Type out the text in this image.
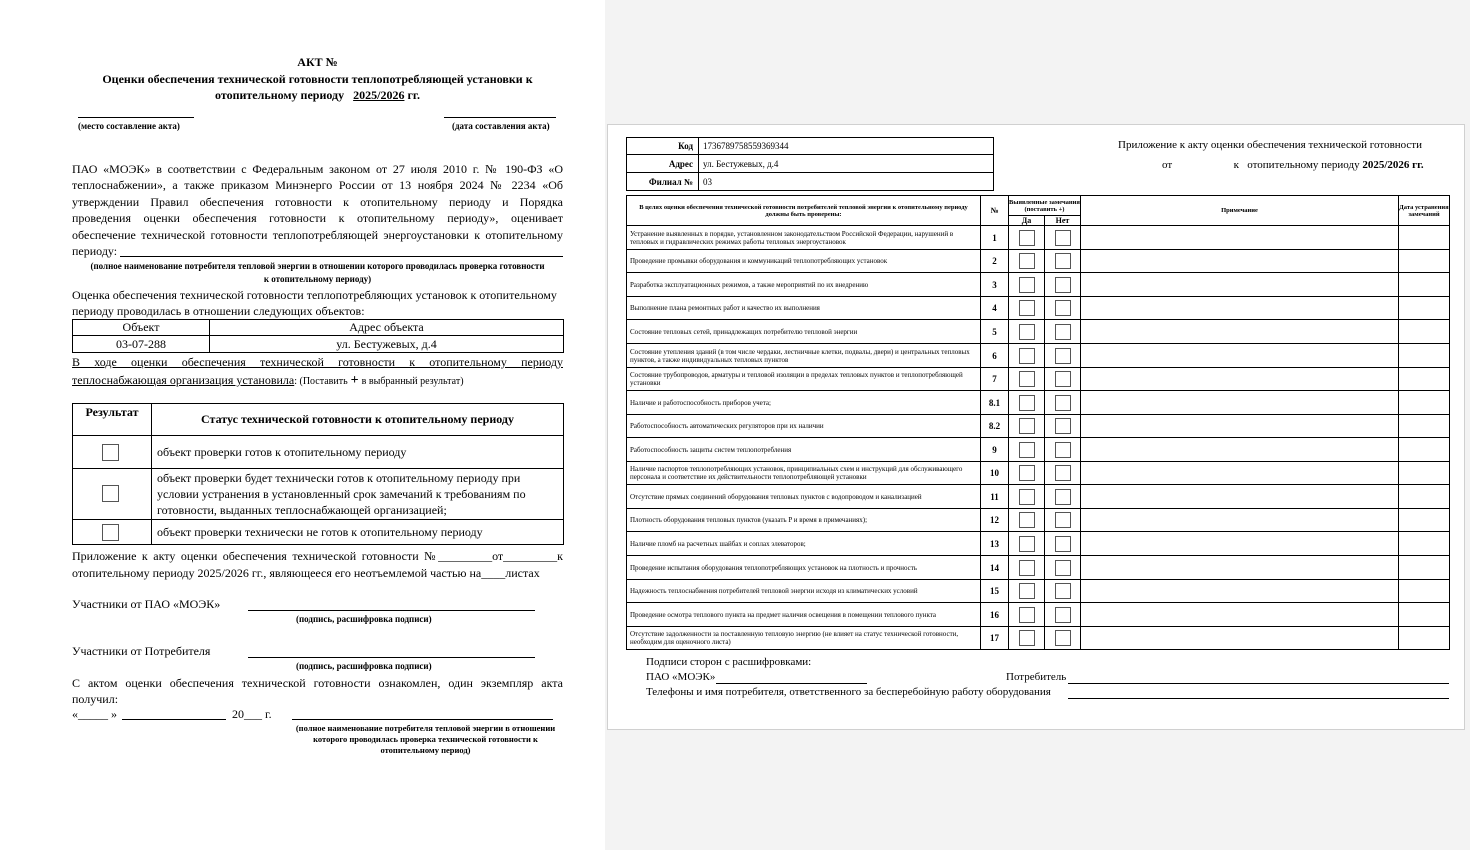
АКТ №
Оценки обеспечения технической готовности теплопотребляющей установки к
отопительному периоду 2025/2026 гг.
(место составление акта)	(дата составления акта)
ПАО «МОЭК» в соответствии с Федеральным законом от 27 июля 2010 г. № 190-ФЗ «О
теплоснабжении», а также приказом Минэнерго России от 13 ноября 2024 № 2234 «Об
утверждении Правил обеспечения готовности к отопительному периоду и Порядка
проведения оценки обеспечения готовности к отопительному периоду», оценивает
обеспечение технической готовности теплопотребляющей энергоустановки к отопительному
периоду:
(полное наименование потребителя тепловой энергии в отношении которого проводилась проверка готовности
к отопительному периоду)
Оценка обеспечения технической готовности теплопотребляющих установок к отопительному
периоду проводилась в отношении следующих объектов:
Объект	Адрес объекта
03-07-288	ул. Бестужевых, д.4
В ходе оценки обеспечения технической готовности к отопительному периоду
теплоснабжающая организация установила: (Поставить + в выбранный результат)
Результат	Статус технической готовности к отопительному периоду

	объект проверки готов к отопительному периоду

	объект проверки будет технически готов к отопительному периоду при условии устранения в установленный срок замечаний к требованиям по готовности, выданных теплоснабжающей организацией;

	объект проверки технически не готов к отопительному периоду
Приложение к акту оценки обеспечения технической готовности №_________от_________к
отопительному периоду 2025/2026 гг., являющееся его неотъемлемой частью на____листах
Участники от ПАО «МОЭК»
(подпись, расшифровка подписи)
Участники от Потребителя
(подпись, расшифровка подписи)
С актом оценки обеспечения технической готовности ознакомлен, один экземпляр акта
получил:
«_____ »	20___ г.
(полное наименование потребителя тепловой энергии в отношении
которого проводилась проверка технической готовности к
отопительному период)
Код	1736789758559369344
Адрес	ул. Бестужевых, д.4
Филиал №	03
Приложение к акту оценки обеспечения технической готовности
от	к отопительному периоду 2025/2026 гг.
В целях оценки обеспечения технической готовности потребителей тепловой энергии к отопительному периоду должны быть проверены:	№	Выявленные замечания (поставить +)		Примечание	Дата устранения замечаний
		Да	Нет		
Устранение выявленных в порядке, установленном законодательством Российской Федерации, нарушений в тепловых и гидравлических режимах работы тепловых энергоустановок	1	

Проведение промывки оборудования и коммуникаций теплопотребляющих установок	2	

Разработка эксплуатационных режимов, а также мероприятий по их внедрению	3	

Выполнение плана ремонтных работ и качество их выполнения	4	

Состояние тепловых сетей, принадлежащих потребителю тепловой энергии	5	

Состояние утепления зданий (в том числе чердаки, лестничные клетки, подвалы, двери) и центральных тепловых пунктов, а также индивидуальных тепловых пунктов	6	

Состояние трубопроводов, арматуры и тепловой изоляции в пределах тепловых пунктов и теплопотребляющей установки	7	

Наличие и работоспособность приборов учета;	8.1	

Работоспособность автоматических регуляторов при их наличии	8.2	

Работоспособность защиты систем теплопотребления	9	

Наличие паспортов теплопотребляющих установок, принципиальных схем и инструкций для обслуживающего персонала и соответствие их действительности теплопотребляющей установки	10	

Отсутствие прямых соединений оборудования тепловых пунктов с водопроводом и канализацией	11	

Плотность оборудования тепловых пунктов (указать P и время в примечаниях);	12	

Наличие пломб на расчетных шайбах и соплах элеваторов;	13	

Проведение испытания оборудования теплопотребляющих установок на плотность и прочность	14	

Надежность теплоснабжения потребителей тепловой энергии исходя из климатических условий	15	

Проведение осмотра теплового пункта на предмет наличия освещения в помещении теплового пункта	16	

Отсутствие задолженности за поставленную тепловую энергию (не влияет на статус технической готовности, необходим для оценочного листа)	17	

Подписи сторон с расшифровками:
ПАО «МОЭК»	Потребитель
Телефоны и имя потребителя, ответственного за бесперебойную работу оборудования
